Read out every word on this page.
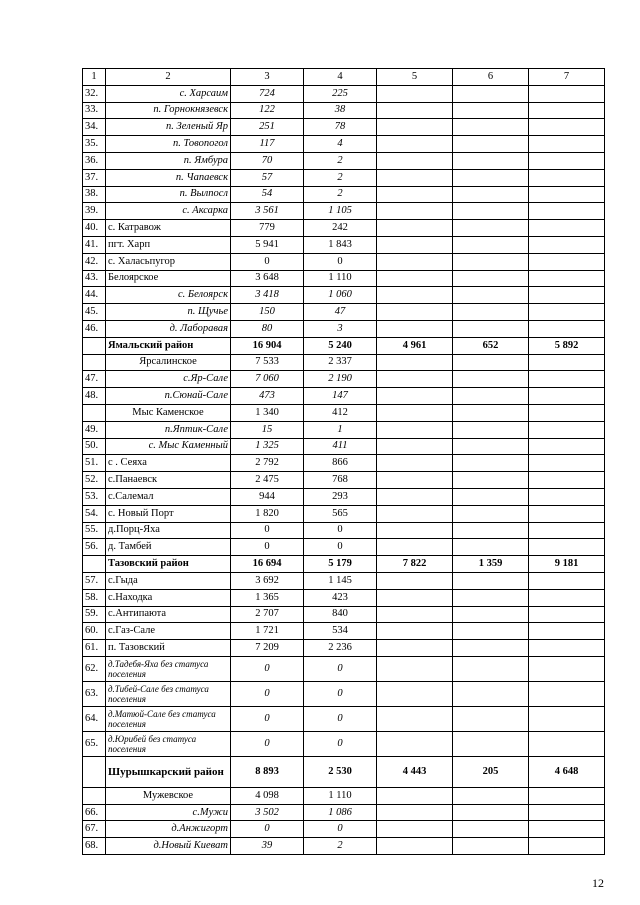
1	2	3	4	5	6	7
32.	с. Харсаим	724	225			
33.	п. Горнокнязевск	122	38			
34.	п. Зеленый Яр	251	78			
35.	п. Товопогол	117	4			
36.	п. Ямбура	70	2			
37.	п. Чапаевск	57	2			
38.	п. Вылпосл	54	2			
39.	с. Аксарка	3 561	1 105			
40.	с. Катравож	779	242			
41.	пгт. Харп	5 941	1 843			
42.	с. Халасьпугор	0	0			
43.	Белоярское	3 648	1 110			
44.	с. Белоярск	3 418	1 060			
45.	п. Щучье	150	47			
46.	д. Лаборавая	80	3			
	Ямальский район	16 904	5 240	4 961	652	5 892
	Ярсалинское	7 533	2 337			
47.	с.Яр-Сале	7 060	2 190			
48.	п.Сюнай-Сале	473	147			
	Мыс Каменское	1 340	412			
49.	п.Яптик-Сале	15	1			
50.	с. Мыс Каменный	1 325	411			
51.	с . Сеяха	2 792	866			
52.	с.Панаевск	2 475	768			
53.	с.Салемал	944	293			
54.	с. Новый Порт	1 820	565			
55.	д.Порц-Яха	0	0			
56.	д. Тамбей	0	0			
	Тазовский район	16 694	5 179	7 822	1 359	9 181
57.	с.Гыда	3 692	1 145			
58.	с.Находка	1 365	423			
59.	с.Антипаюта	2 707	840			
60.	с.Газ-Сале	1 721	534			
61.	п. Тазовский	7 209	2 236			
62.	д.Тадебя-Яха без статуса поселения	0	0			
63.	д.Тибей-Сале без статуса поселения	0	0			
64.	д.Матюй-Сале без статуса поселения	0	0			
65.	д.Юрибей без статуса поселения	0	0			
	Шурышкарский район	8 893	2 530	4 443	205	4 648
	Мужевское	4 098	1 110			
66.	с.Мужи	3 502	1 086			
67.	д.Анжигорт	0	0			
68.	д.Новый Киеват	39	2			
12
